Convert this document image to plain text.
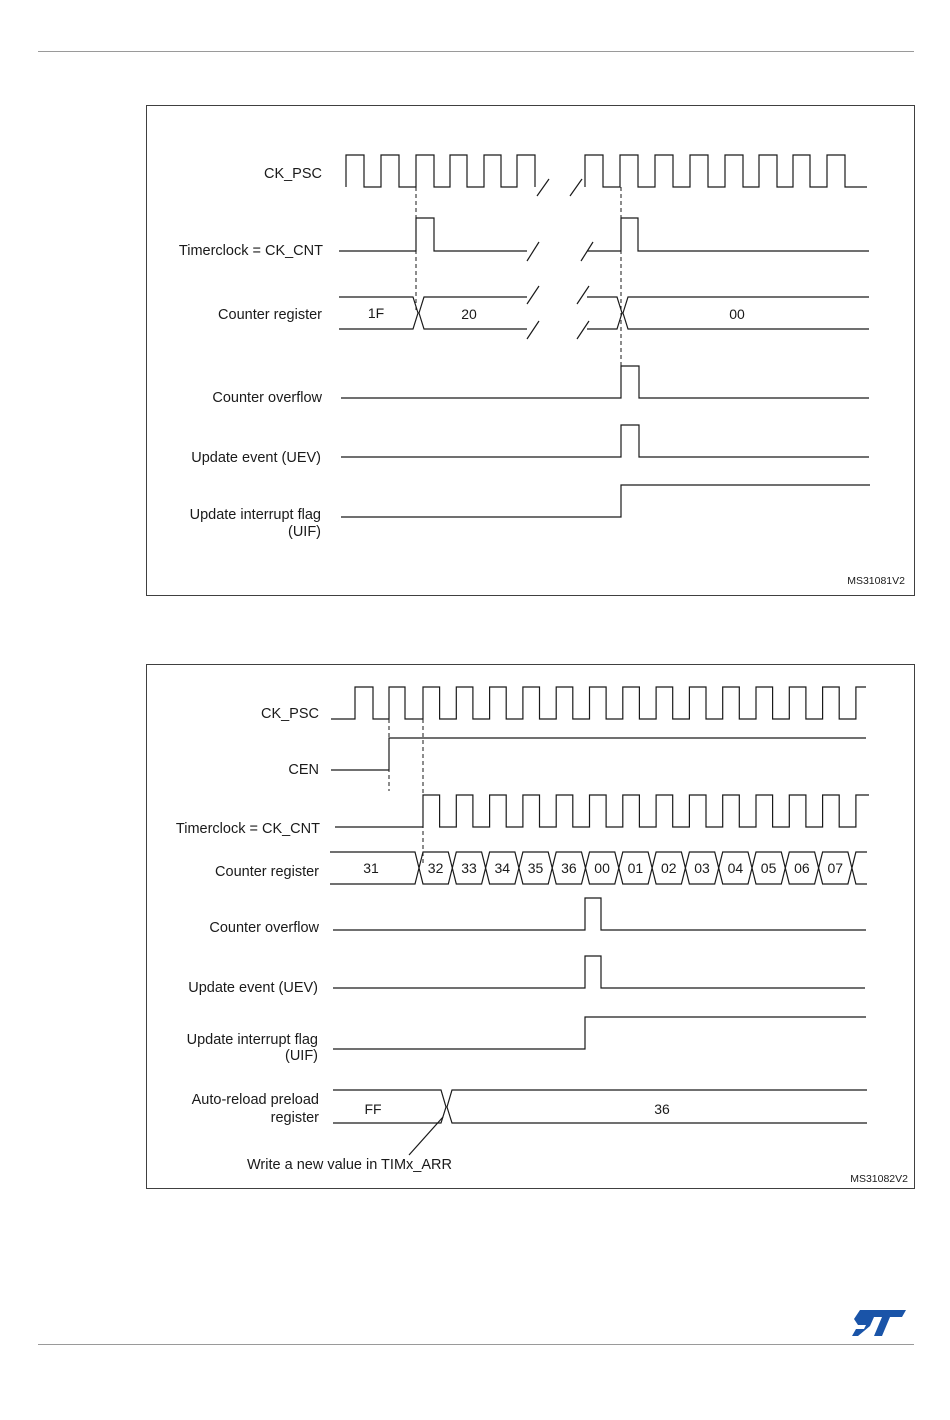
CK_PSC
Timerclock = CK_CNT
Counter register
Counter overflow
Update event (UEV)
Update interrupt flag
(UIF)
1F	20	00
MS31081V2
CK_PSC
CEN
Timerclock = CK_CNT
Counter register
Counter overflow
Update event (UEV)
Update interrupt flag
(UIF)
Auto-reload preload
register
31	32 33 34 35 36 00 01 02 03 04 05 06 07
FF	36
Write a new value in TIMx_ARR
MS31082V2
